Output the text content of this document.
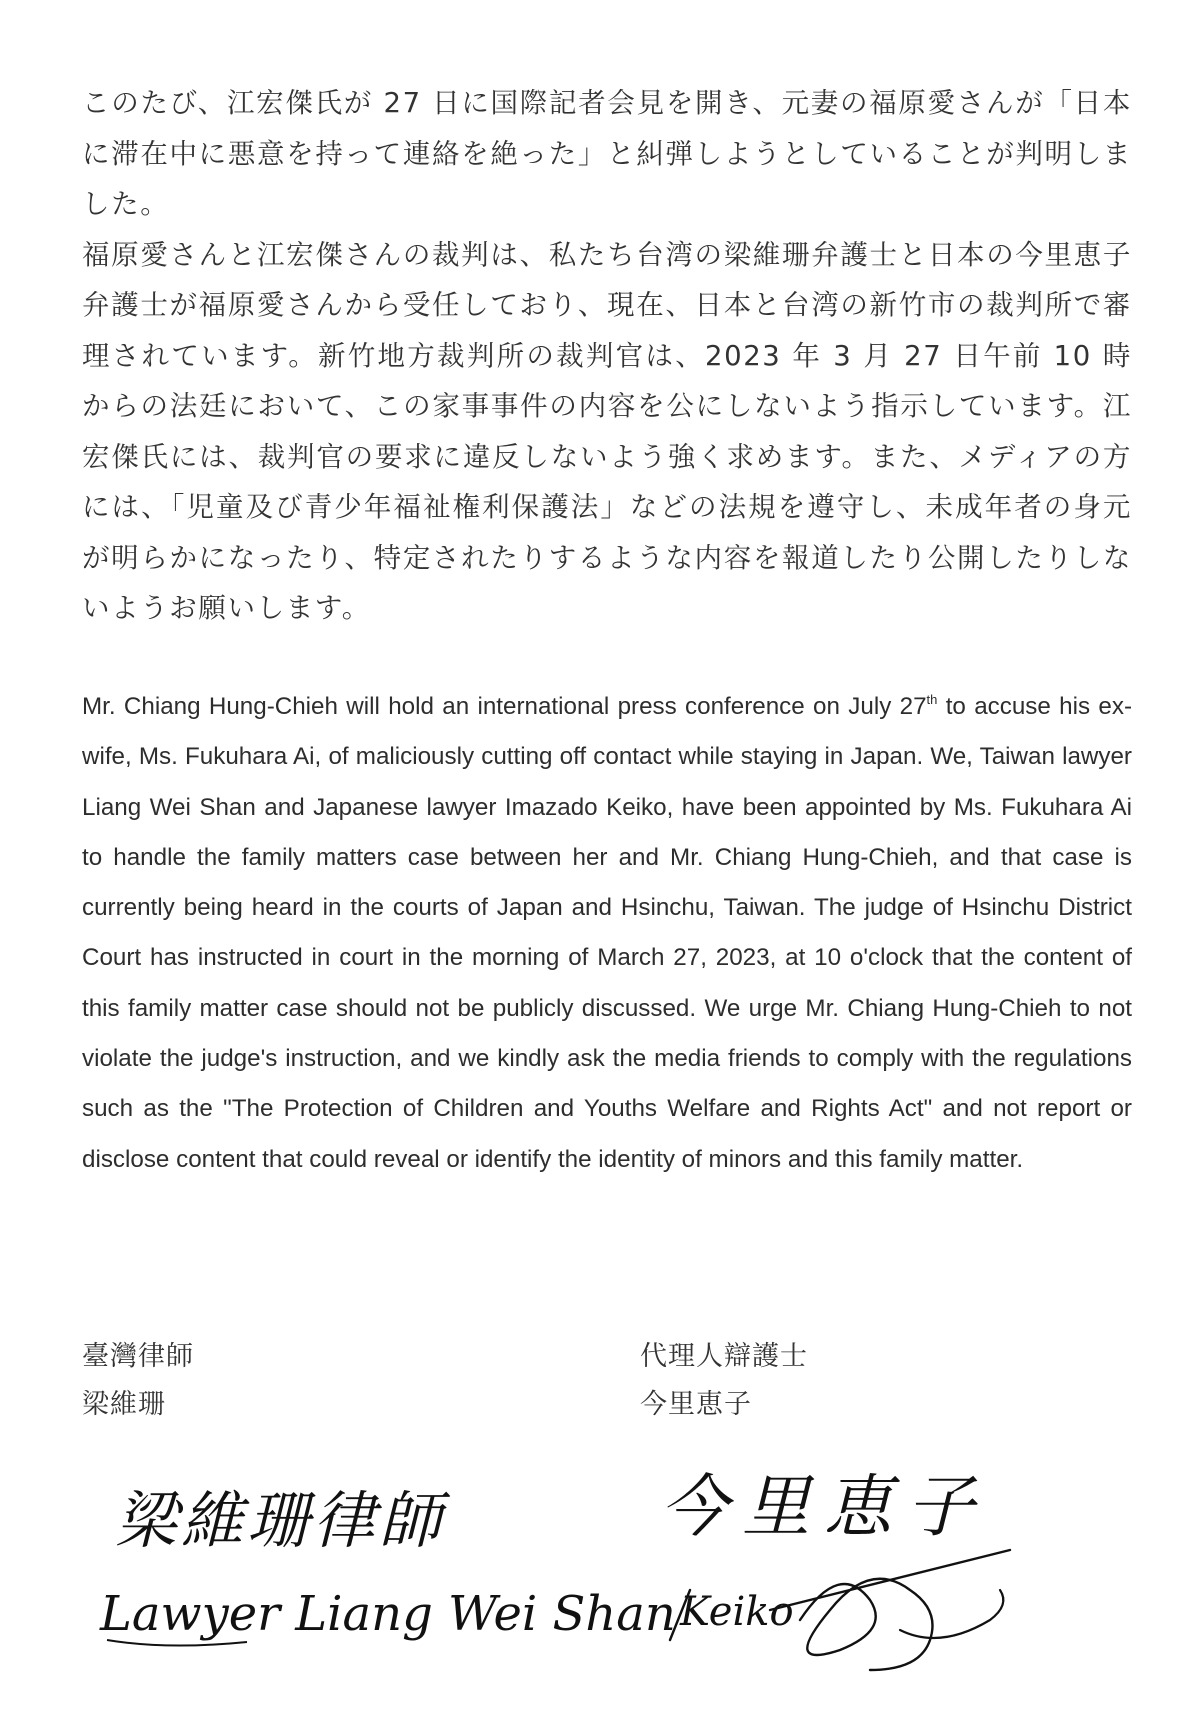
このたび、江宏傑氏が 27 日に国際記者会見を開き、元妻の福原愛さんが「日本に滞在中に悪意を持って連絡を絶った」と糾弾しようとしていることが判明しました。

福原愛さんと江宏傑さんの裁判は、私たち台湾の梁維珊弁護士と日本の今里恵子弁護士が福原愛さんから受任しており、現在、日本と台湾の新竹市の裁判所で審理されています。新竹地方裁判所の裁判官は、2023 年 3 月 27 日午前 10 時からの法廷において、この家事事件の内容を公にしないよう指示しています。江宏傑氏には、裁判官の要求に違反しないよう強く求めます。また、メディアの方には、「児童及び青少年福祉権利保護法」などの法規を遵守し、未成年者の身元が明らかになったり、特定されたりするような内容を報道したり公開したりしないようお願いします。

Mr. Chiang Hung-Chieh will hold an international press conference on July 27th to accuse his ex-wife, Ms. Fukuhara Ai, of maliciously cutting off contact while staying in Japan. We, Taiwan lawyer Liang Wei Shan and Japanese lawyer Imazado Keiko, have been appointed by Ms. Fukuhara Ai to handle the family matters case between her and Mr. Chiang Hung-Chieh, and that case is currently being heard in the courts of Japan and Hsinchu, Taiwan. The judge of Hsinchu District Court has instructed in court in the morning of March 27, 2023, at 10 o'clock that the content of this family matter case should not be publicly discussed. We urge Mr. Chiang Hung-Chieh to not violate the judge's instruction, and we kindly ask the media friends to comply with the regulations such as the "The Protection of Children and Youths Welfare and Rights Act" and not report or disclose content that could reveal or identify the identity of minors and this family matter.

臺灣律師
梁維珊
代理人辯護士
今里恵子
梁維珊律師
Lawyer Liang Wei Shan
今里恵子
Keiko
